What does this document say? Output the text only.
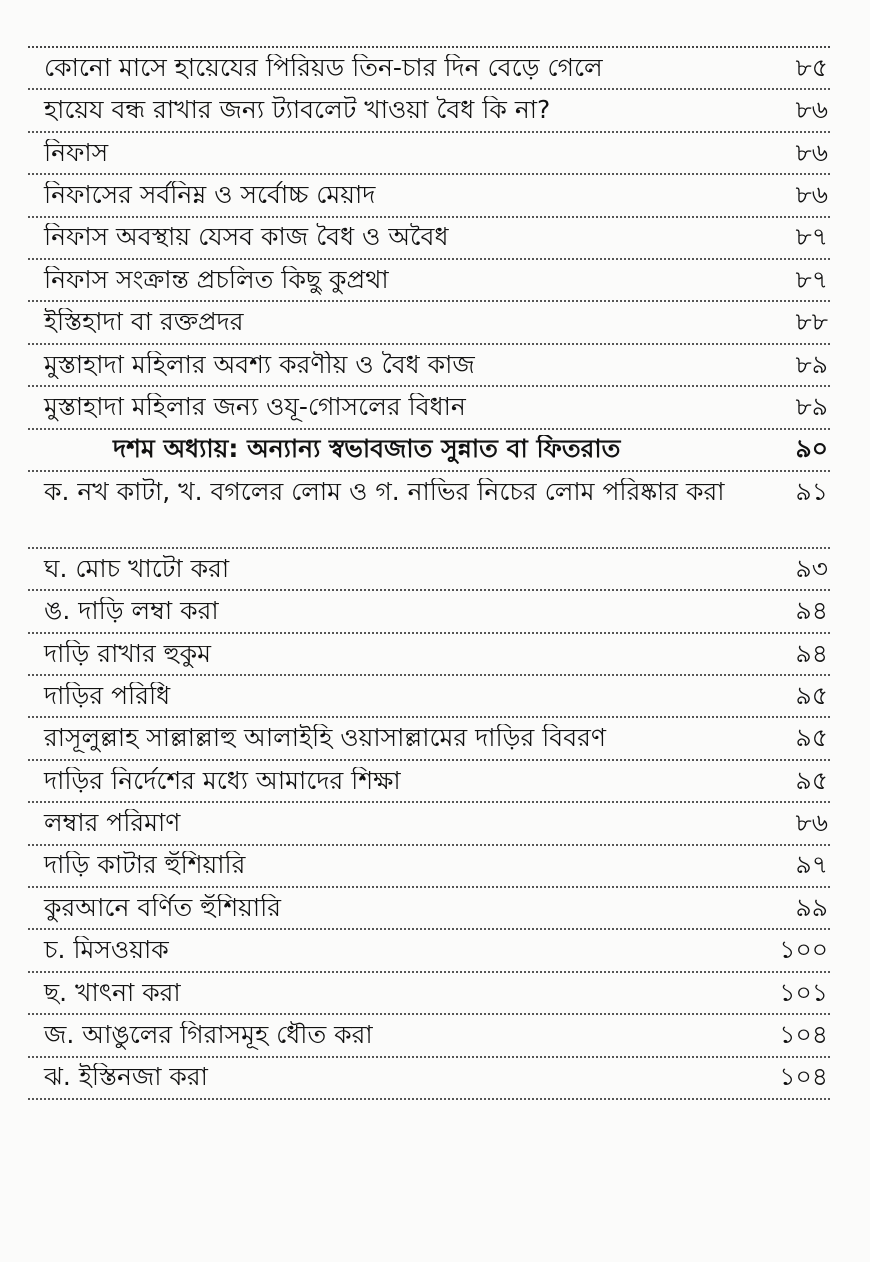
কোনো মাসে হায়েযের পিরিয়ড তিন-চার দিন বেড়ে গেলে	৮৫
হায়েয বন্ধ রাখার জন্য ট্যাবলেট খাওয়া বৈধ কি না?	৮৬
নিফাস	৮৬
নিফাসের সর্বনিম্ন ও সর্বোচ্চ মেয়াদ	৮৬
নিফাস অবস্থায় যেসব কাজ বৈধ ও অবৈধ	৮৭
নিফাস সংক্রান্ত প্রচলিত কিছু কুপ্রথা	৮৭
ইস্তিহাদা বা রক্তপ্রদর	৮৮
মুস্তাহাদা মহিলার অবশ্য করণীয় ও বৈধ কাজ	৮৯
মুস্তাহাদা মহিলার জন্য ওযূ-গোসলের বিধান	৮৯
দশম অধ্যায়: অন্যান্য স্বভাবজাত সুন্নাত বা ফিতরাত	৯০
ক. নখ কাটা, খ. বগলের লোম ও গ. নাভির নিচের লোম পরিষ্কার করা	৯১
ঘ. মোচ খাটো করা	৯৩
ঙ. দাড়ি লম্বা করা	৯৪
দাড়ি রাখার হুকুম	৯৪
দাড়ির পরিধি	৯৫
রাসূলুল্লাহ সাল্লাল্লাহু আলাইহি ওয়াসাল্লামের দাড়ির বিবরণ	৯৫
দাড়ির নির্দেশের মধ্যে আমাদের শিক্ষা	৯৫
লম্বার পরিমাণ	৮৬
দাড়ি কাটার হুঁশিয়ারি	৯৭
কুরআনে বর্ণিত হুঁশিয়ারি	৯৯
চ. মিসওয়াক	১০০
ছ. খাৎনা করা	১০১
জ. আঙুলের গিরাসমূহ ধৌত করা	১০৪
ঝ. ইস্তিনজা করা	১০৪
